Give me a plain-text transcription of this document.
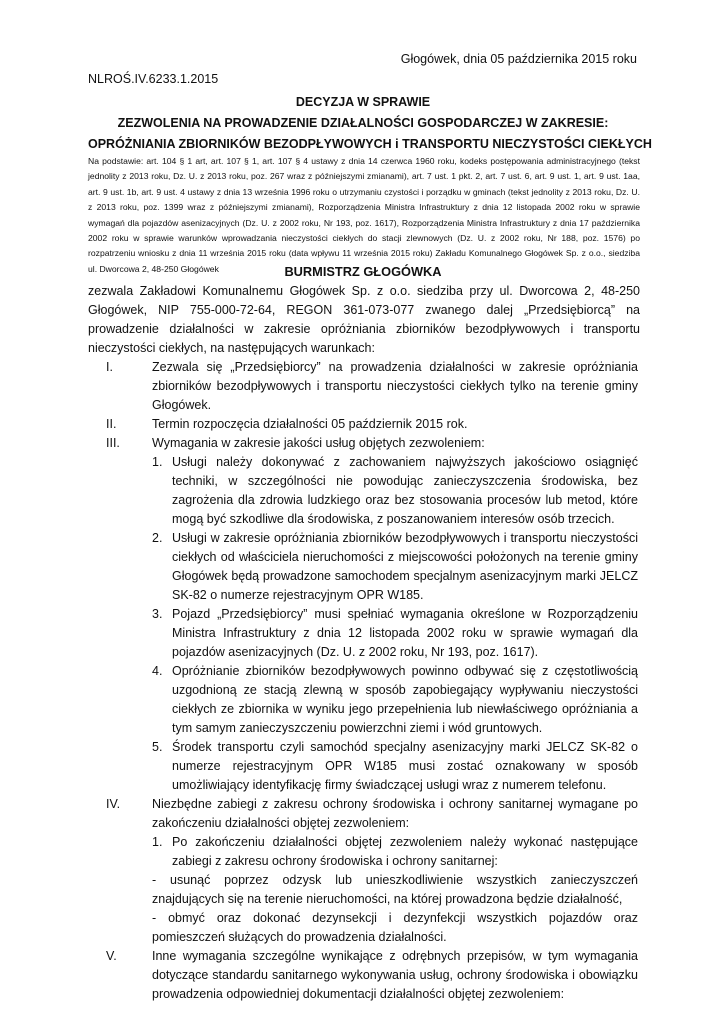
Głogówek, dnia 05 października 2015 roku
NLROŚ.IV.6233.1.2015
DECYZJA W SPRAWIE
ZEZWOLENIA NA PROWADZENIE DZIAŁALNOŚCI GOSPODARCZEJ W ZAKRESIE:
OPRÓŻNIANIA ZBIORNIKÓW BEZODPŁYWOWYCH i TRANSPORTU NIECZYSTOŚCI CIEKŁYCH
Na podstawie: art. 104 § 1 art, art. 107 § 1, art. 107 § 4 ustawy z dnia 14 czerwca 1960 roku, kodeks postępowania administracyjnego (tekst jednolity z 2013 roku, Dz. U. z 2013 roku, poz. 267 wraz z późniejszymi zmianami), art. 7 ust. 1 pkt. 2, art. 7 ust. 6, art. 9 ust. 1, art. 9 ust. 1aa, art. 9 ust. 1b, art. 9 ust. 4 ustawy z dnia 13 września 1996 roku o utrzymaniu czystości i porządku w gminach (tekst jednolity z 2013 roku, Dz. U. z 2013 roku, poz. 1399 wraz z późniejszymi zmianami), Rozporządzenia Ministra Infrastruktury z dnia 12 listopada 2002 roku w sprawie wymagań dla pojazdów asenizacyjnych (Dz. U. z 2002 roku, Nr 193, poz. 1617), Rozporządzenia Ministra Infrastruktury z dnia 17 października 2002 roku w sprawie warunków wprowadzania nieczystości ciekłych do stacji zlewnowych (Dz. U. z 2002 roku, Nr 188, poz. 1576) po rozpatrzeniu wniosku z dnia 11 września 2015 roku (data wpływu 11 września 2015 roku) Zakładu Komunalnego Głogówek Sp. z o.o., siedziba ul. Dworcowa 2, 48-250 Głogówek	BURMISTRZ GŁOGÓWKA
zezwala Zakładowi Komunalnemu Głogówek Sp. z o.o. siedziba przy ul. Dworcowa 2, 48-250 Głogówek, NIP 755-000-72-64, REGON 361-073-077 zwanego dalej „Przedsiębiorcą” na prowadzenie działalności w zakresie opróżniania zbiorników bezodpływowych i transportu nieczystości ciekłych, na następujących warunkach:
I.	Zezwala się „Przedsiębiorcy” na prowadzenia działalności w zakresie opróżniania zbiorników bezodpływowych i transportu nieczystości ciekłych tylko na terenie gminy Głogówek.
II.	Termin rozpoczęcia działalności 05 październik 2015 rok.
III.	Wymagania w zakresie jakości usług objętych zezwoleniem:
1. Usługi należy dokonywać z zachowaniem najwyższych jakościowo osiągnięć techniki, w szczególności nie powodując zanieczyszczenia środowiska, bez zagrożenia dla zdrowia ludzkiego oraz bez stosowania procesów lub metod, które mogą być szkodliwe dla środowiska, z poszanowaniem interesów osób trzecich.
2. Usługi w zakresie opróżniania zbiorników bezodpływowych i transportu nieczystości ciekłych od właściciela nieruchomości z miejscowości położonych na terenie gminy Głogówek będą prowadzone samochodem specjalnym asenizacyjnym marki JELCZ SK-82 o numerze rejestracyjnym OPR W185.
3. Pojazd „Przedsiębiorcy” musi spełniać wymagania określone w Rozporządzeniu Ministra Infrastruktury z dnia 12 listopada 2002 roku w sprawie wymagań dla pojazdów asenizacyjnych (Dz. U. z 2002 roku, Nr 193, poz. 1617).
4. Opróżnianie zbiorników bezodpływowych powinno odbywać się z częstotliwością uzgodnioną ze stacją zlewną w sposób zapobiegający wypływaniu nieczystości ciekłych ze zbiornika w wyniku jego przepełnienia lub niewłaściwego opróżniania a tym samym zanieczyszczeniu powierzchni ziemi i wód gruntowych.
5. Środek transportu czyli samochód specjalny asenizacyjny marki JELCZ SK-82 o numerze rejestracyjnym OPR W185 musi zostać oznakowany w sposób umożliwiający identyfikację firmy świadczącej usługi wraz z numerem telefonu.
IV.	Niezbędne zabiegi z zakresu ochrony środowiska i ochrony sanitarnej wymagane po zakończeniu działalności objętej zezwoleniem:
1. Po zakończeniu działalności objętej zezwoleniem należy wykonać następujące zabiegi z zakresu ochrony środowiska i ochrony sanitarnej:
- usunąć poprzez odzysk lub unieszkodliwienie wszystkich zanieczyszczeń znajdujących się na terenie nieruchomości, na której prowadzona będzie działalność,
- obmyć oraz dokonać dezynsekcji i dezynfekcji wszystkich pojazdów oraz pomieszczeń służących do prowadzenia działalności.
V.	Inne wymagania szczególne wynikające z odrębnych przepisów, w tym wymagania dotyczące standardu sanitarnego wykonywania usług, ochrony środowiska i obowiązku prowadzenia odpowiedniej dokumentacji działalności objętej zezwoleniem:
